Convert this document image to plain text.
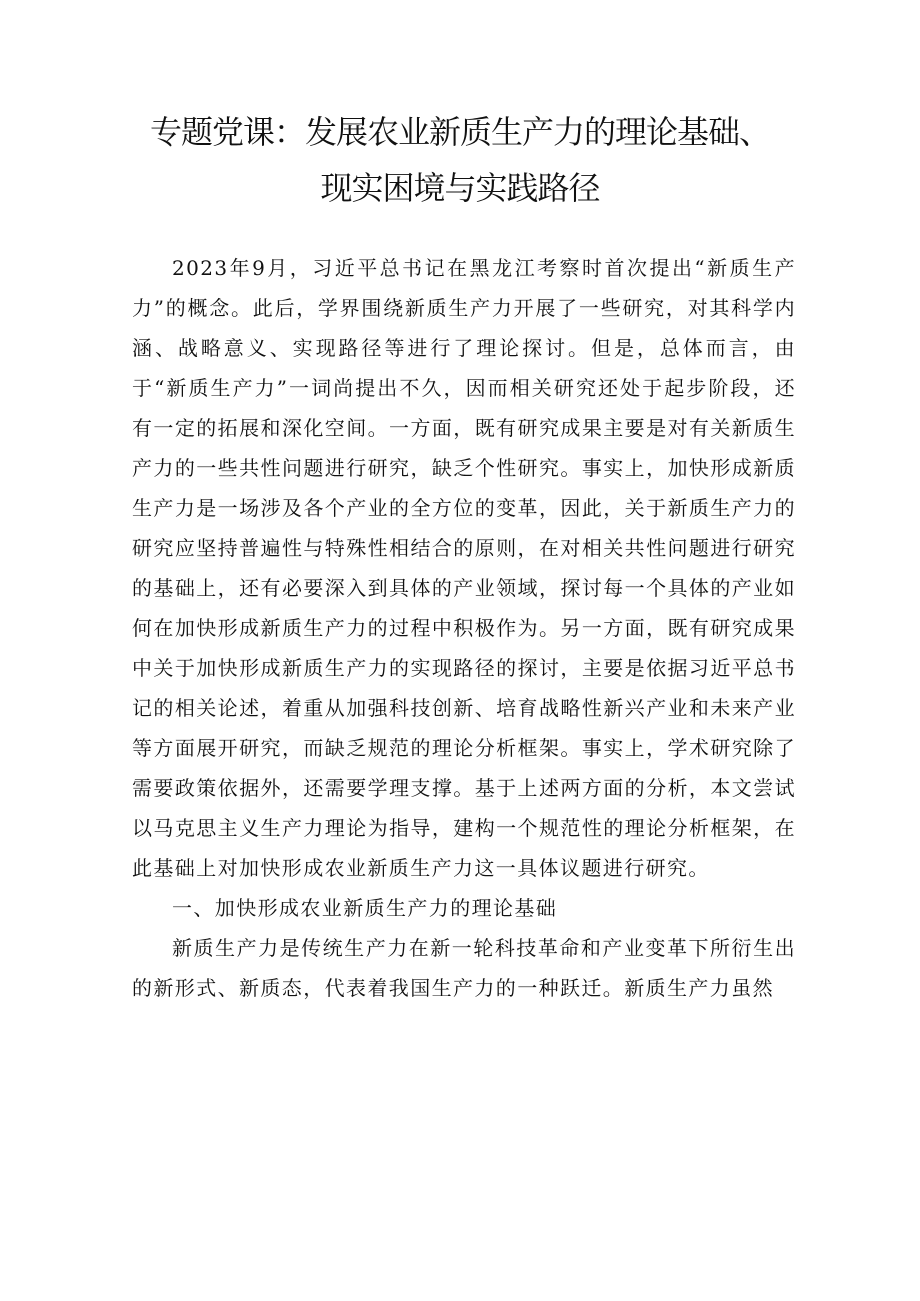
专题党课：发展农业新质生产力的理论基础、
现实困境与实践路径

2023年9月，习近平总书记在黑龙江考察时首次提出“新质生产力”的概念。此后，学界围绕新质生产力开展了一些研究，对其科学内涵、战略意义、实现路径等进行了理论探讨。但是，总体而言，由于“新质生产力”一词尚提出不久，因而相关研究还处于起步阶段，还有一定的拓展和深化空间。一方面，既有研究成果主要是对有关新质生产力的一些共性问题进行研究，缺乏个性研究。事实上，加快形成新质生产力是一场涉及各个产业的全方位的变革，因此，关于新质生产力的研究应坚持普遍性与特殊性相结合的原则，在对相关共性问题进行研究的基础上，还有必要深入到具体的产业领域，探讨每一个具体的产业如何在加快形成新质生产力的过程中积极作为。另一方面，既有研究成果中关于加快形成新质生产力的实现路径的探讨，主要是依据习近平总书记的相关论述，着重从加强科技创新、培育战略性新兴产业和未来产业等方面展开研究，而缺乏规范的理论分析框架。事实上，学术研究除了需要政策依据外，还需要学理支撑。基于上述两方面的分析，本文尝试以马克思主义生产力理论为指导，建构一个规范性的理论分析框架，在此基础上对加快形成农业新质生产力这一具体议题进行研究。

一、加快形成农业新质生产力的理论基础

新质生产力是传统生产力在新一轮科技革命和产业变革下所衍生出的新形式、新质态，代表着我国生产力的一种跃迁。新质生产力虽然
